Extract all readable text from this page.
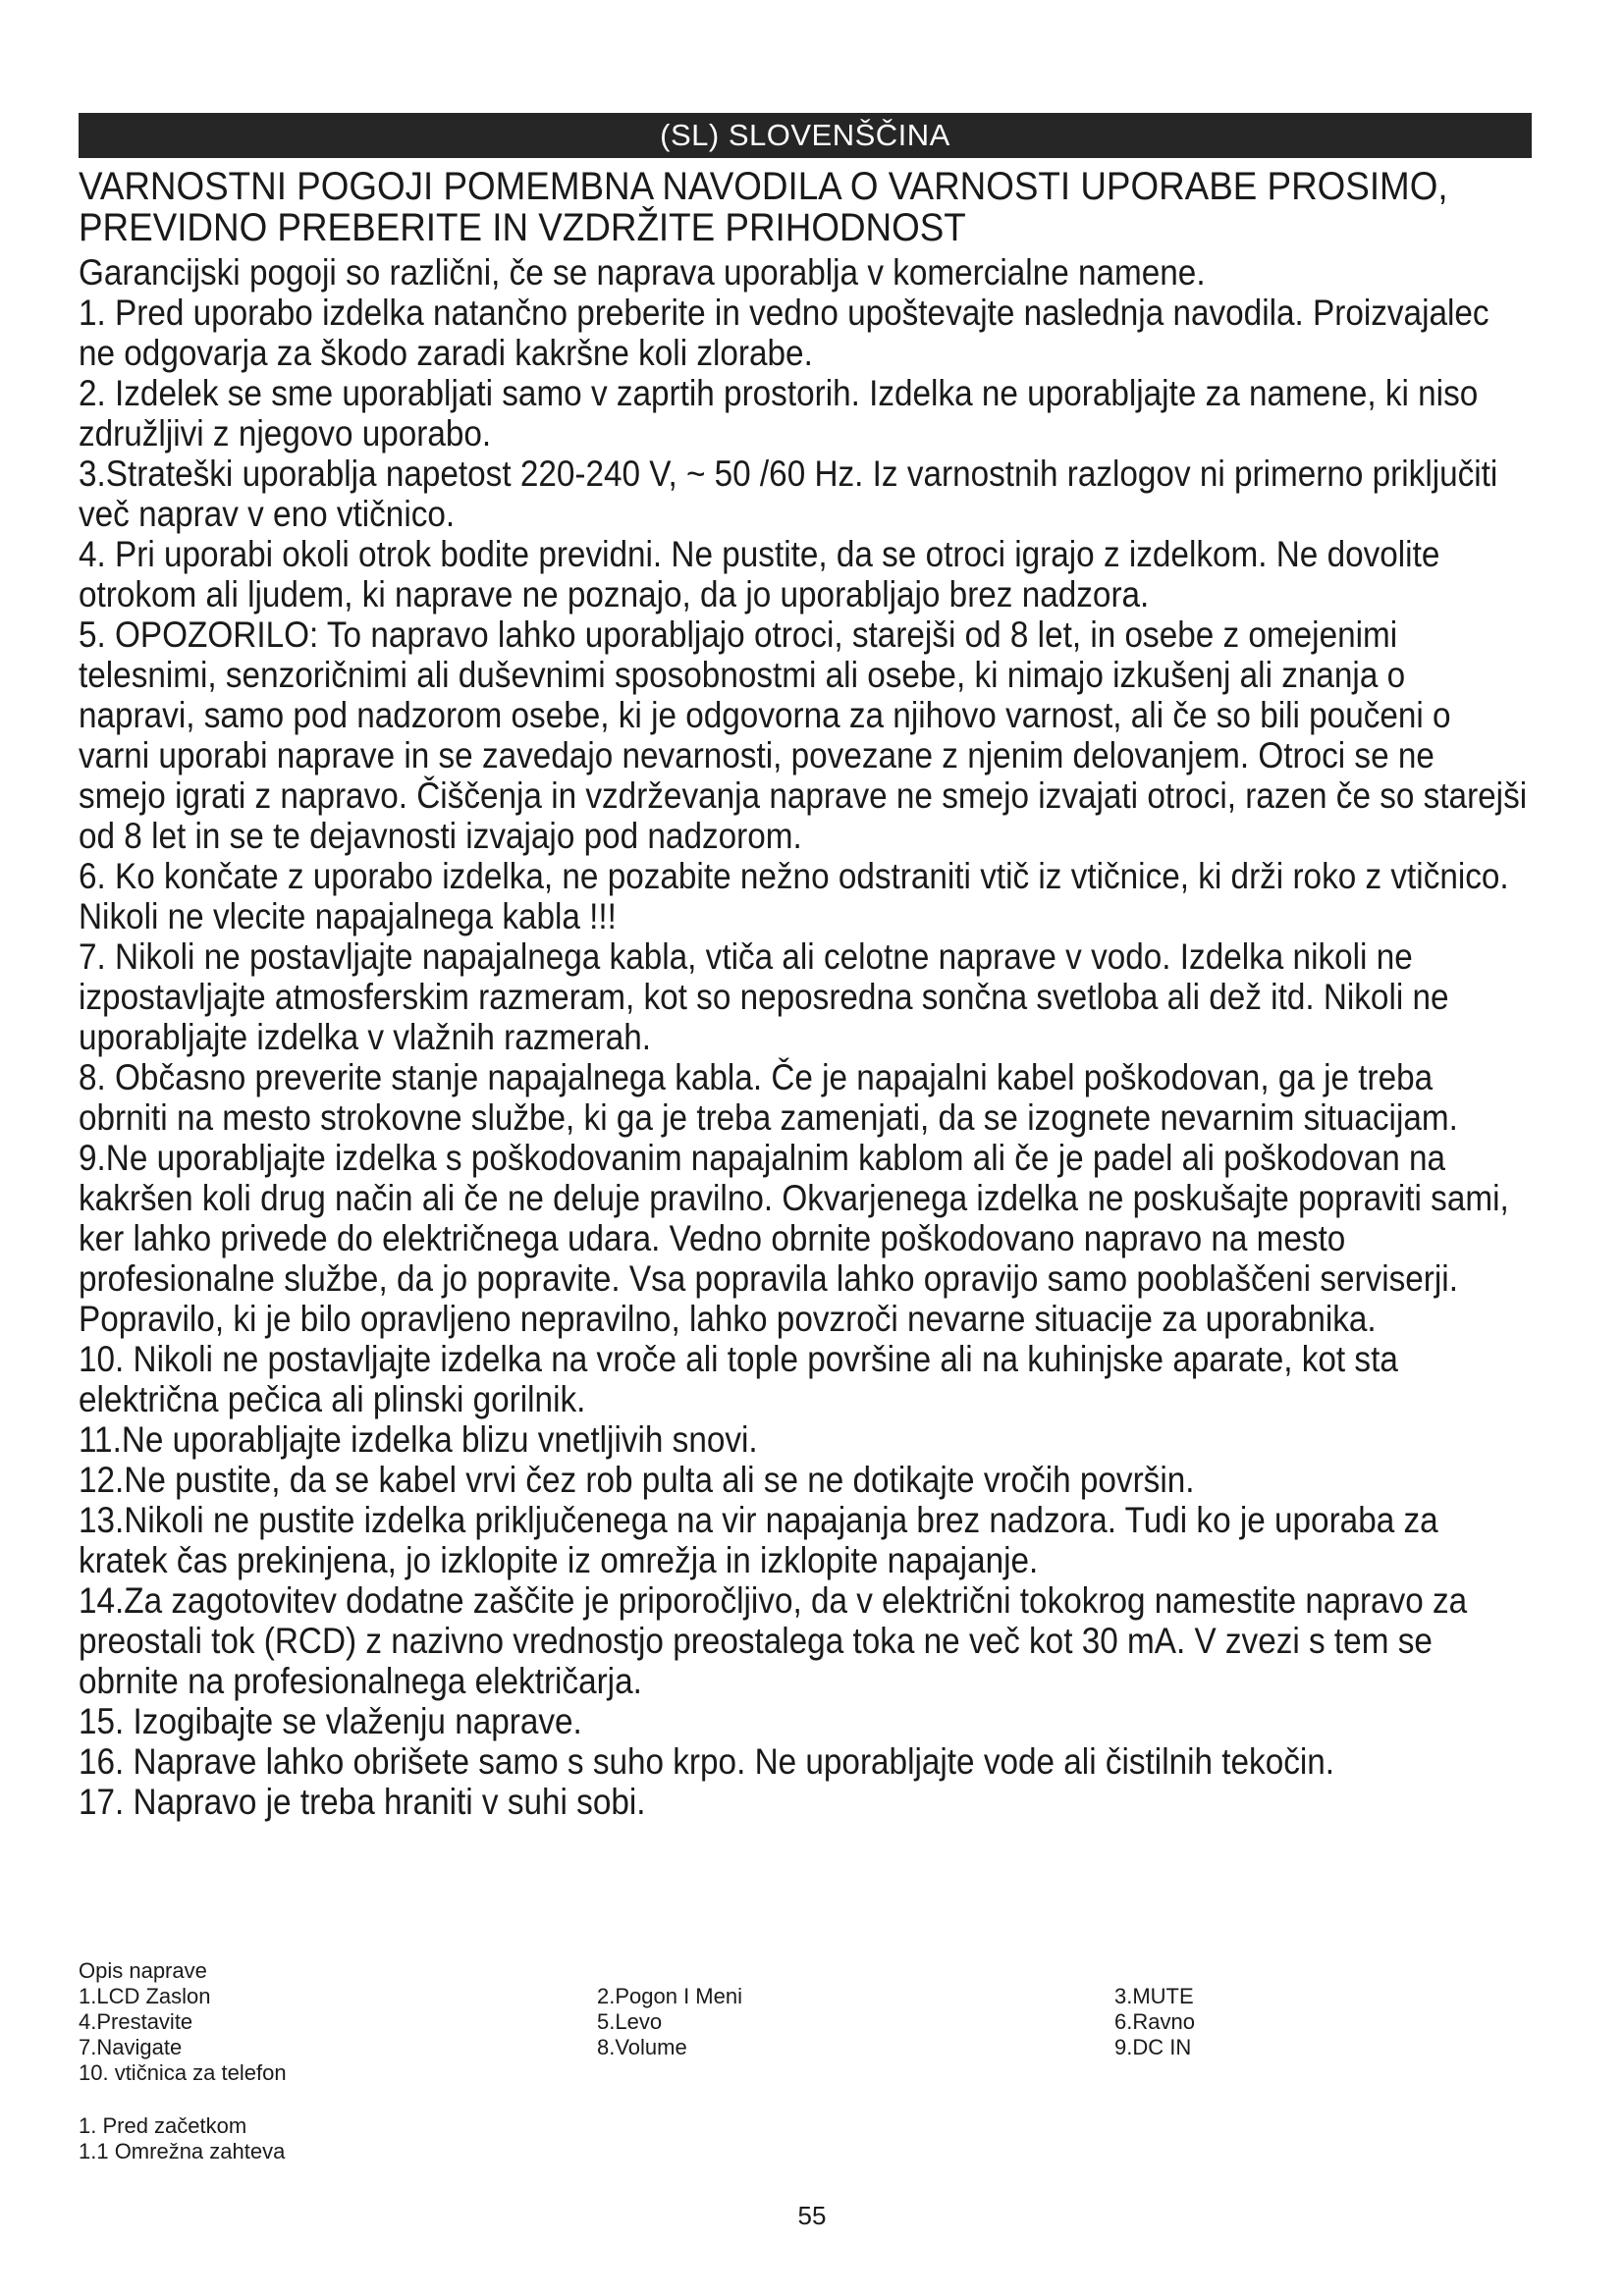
(SL) SLOVENŠČINA
VARNOSTNI POGOJI POMEMBNA NAVODILA O VARNOSTI UPORABE PROSIMO, PREVIDNO PREBERITE IN VZDRŽITE PRIHODNOST

Garancijski pogoji so različni, če se naprava uporablja v komercialne namene.

1. Pred uporabo izdelka natančno preberite in vedno upoštevajte naslednja navodila. Proizvajalec ne odgovarja za škodo zaradi kakršne koli zlorabe.
2. Izdelek se sme uporabljati samo v zaprtih prostorih. Izdelka ne uporabljajte za namene, ki niso združljivi z njegovo uporabo.
3.Strateški uporablja napetost 220-240 V, ~ 50 /60 Hz. Iz varnostnih razlogov ni primerno priključiti več naprav v eno vtičnico.
4. Pri uporabi okoli otrok bodite previdni. Ne pustite, da se otroci igrajo z izdelkom. Ne dovolite otrokom ali ljudem, ki naprave ne poznajo, da jo uporabljajo brez nadzora.
5. OPOZORILO: To napravo lahko uporabljajo otroci, starejši od 8 let, in osebe z omejenimi telesnimi, senzoričnimi ali duševnimi sposobnostmi ali osebe, ki nimajo izkušenj ali znanja o napravi, samo pod nadzorom osebe, ki je odgovorna za njihovo varnost, ali če so bili poučeni o varni uporabi naprave in se zavedajo nevarnosti, povezane z njenim delovanjem. Otroci se ne smejo igrati z napravo. Čiščenja in vzdrževanja naprave ne smejo izvajati otroci, razen če so starejši od 8 let in se te dejavnosti izvajajo pod nadzorom.
6. Ko končate z uporabo izdelka, ne pozabite nežno odstraniti vtič iz vtičnice, ki drži roko z vtičnico. Nikoli ne vlecite napajalnega kabla !!!
7. Nikoli ne postavljajte napajalnega kabla, vtiča ali celotne naprave v vodo. Izdelka nikoli ne izpostavljajte atmosferskim razmeram, kot so neposredna sončna svetloba ali dež itd. Nikoli ne uporabljajte izdelka v vlažnih razmerah.
8. Občasno preverite stanje napajalnega kabla. Če je napajalni kabel poškodovan, ga je treba obrniti na mesto strokovne službe, ki ga je treba zamenjati, da se izognete nevarnim situacijam.
9.Ne uporabljajte izdelka s poškodovanim napajalnim kablom ali če je padel ali poškodovan na kakršen koli drug način ali če ne deluje pravilno. Okvarjenega izdelka ne poskušajte popraviti sami, ker lahko privede do električnega udara. Vedno obrnite poškodovano napravo na mesto profesionalne službe, da jo popravite. Vsa popravila lahko opravijo samo pooblaščeni serviserji. Popravilo, ki je bilo opravljeno nepravilno, lahko povzroči nevarne situacije za uporabnika.
10. Nikoli ne postavljajte izdelka na vroče ali tople površine ali na kuhinjske aparate, kot sta električna pečica ali plinski gorilnik.
11.Ne uporabljajte izdelka blizu vnetljivih snovi.
12.Ne pustite, da se kabel vrvi čez rob pulta ali se ne dotikajte vročih površin.
13.Nikoli ne pustite izdelka priključenega na vir napajanja brez nadzora. Tudi ko je uporaba za kratek čas prekinjena, jo izklopite iz omrežja in izklopite napajanje.
14.Za zagotovitev dodatne zaščite je priporočljivo, da v električni tokokrog namestite napravo za preostali tok (RCD) z nazivno vrednostjo preostalega toka ne več kot 30 mA. V zvezi s tem se obrnite na profesionalnega električarja.
15. Izogibajte se vlaženju naprave.
16. Naprave lahko obrišete samo s suho krpo. Ne uporabljajte vode ali čistilnih tekočin.
17. Napravo je treba hraniti v suhi sobi.
Opis naprave
1.LCD Zaslon	2.Pogon I Meni	3.MUTE
4.Prestavite	5.Levo	6.Ravno
7.Navigate	8.Volume	9.DC IN
10. vtičnica za telefon
1. Pred začetkom
1.1 Omrežna zahteva
55
